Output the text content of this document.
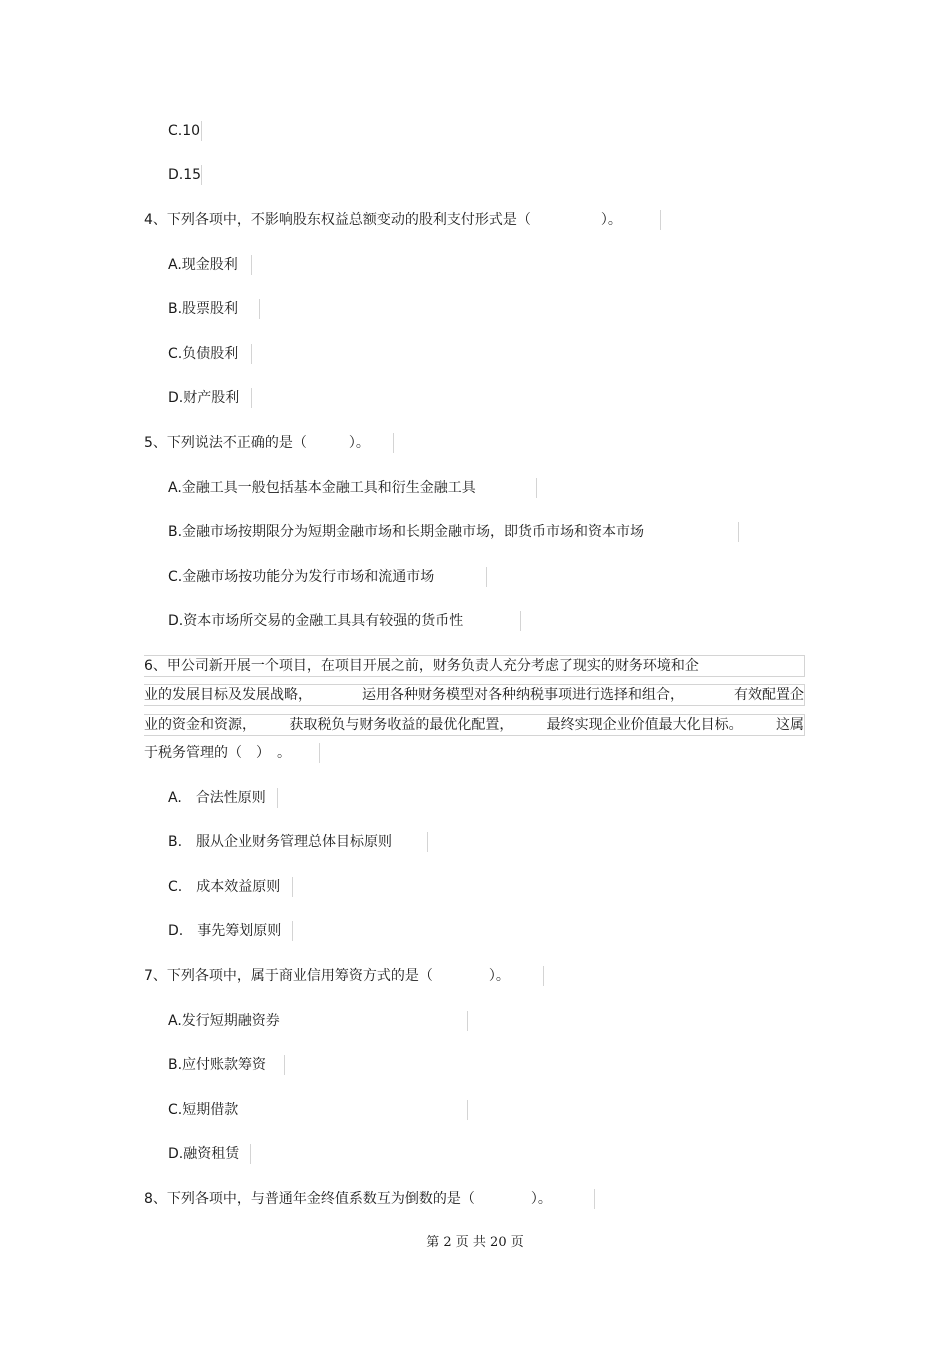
C.10
D.15
4、下列各项中，不影响股东权益总额变动的股利支付形式是（　　　　　）。
A.现金股利
B.股票股利
C.负债股利
D.财产股利
5、下列说法不正确的是（　　　）。
A.金融工具一般包括基本金融工具和衍生金融工具
B.金融市场按期限分为短期金融市场和长期金融市场，即货币市场和资本市场
C.金融市场按功能分为发行市场和流通市场
D.资本市场所交易的金融工具具有较强的货币性
6、甲公司新开展一个项目，在项目开展之前，财务负责人充分考虑了现实的财务环境和企
业的发展目标及发展战略，	运用各种财务模型对各种纳税事项进行选择和组合，	有效配置企
业的资金和资源， 获取税负与财务收益的最优化配置， 最终实现企业价值最大化目标。 这属
于税务管理的（　）　。
A.　合法性原则
B.　服从企业财务管理总体目标原则
C.　成本效益原则
D.　事先筹划原则
7、下列各项中，属于商业信用筹资方式的是（　　　　）。
A.发行短期融资券
B.应付账款筹资
C.短期借款
D.融资租赁
8、下列各项中，与普通年金终值系数互为倒数的是（　　　　）。
第 2 页 共 20 页
